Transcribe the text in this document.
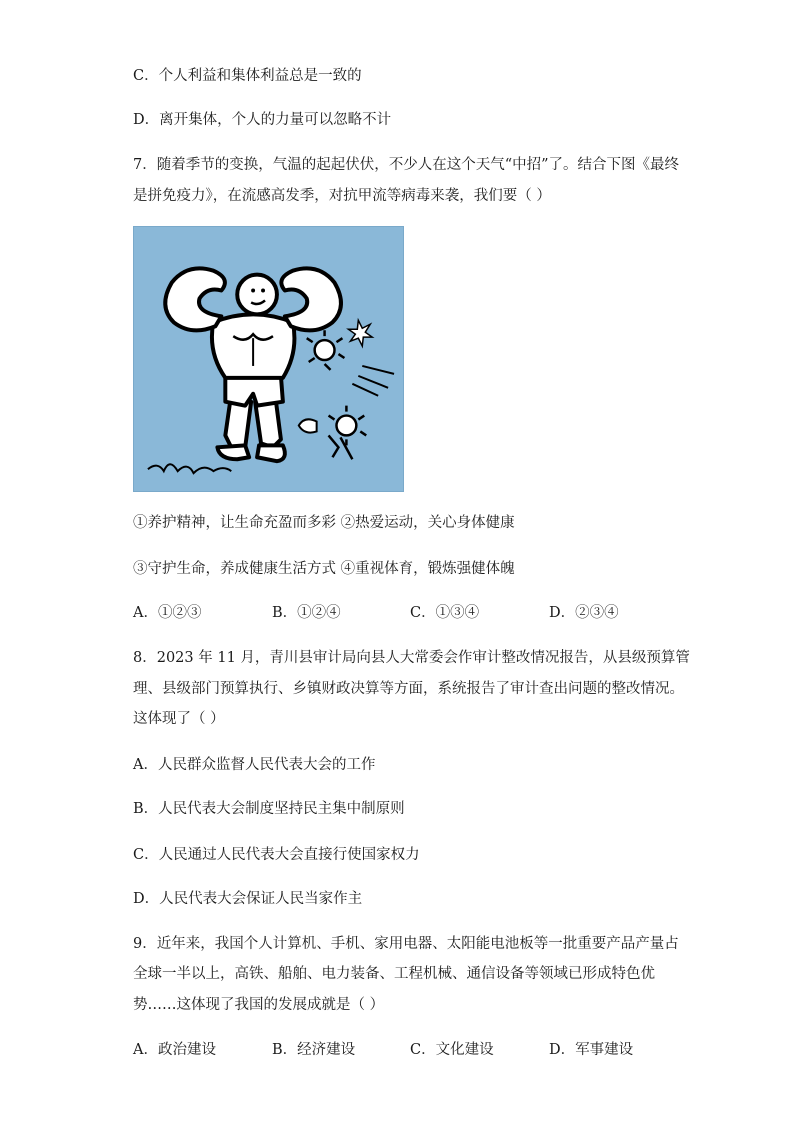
C．个人利益和集体利益总是一致的
D．离开集体，个人的力量可以忽略不计
7．随着季节的变换，气温的起起伏伏，不少人在这个天气“中招”了。结合下图《最终
是拼免疫力》，在流感高发季，对抗甲流等病毒来袭，我们要（ ）
①养护精神，让生命充盈而多彩 ②热爱运动，关心身体健康
③守护生命，养成健康生活方式 ④重视体育，锻炼强健体魄
A．①②③	B．①②④	C．①③④	D．②③④
8．2023 年 11 月，青川县审计局向县人大常委会作审计整改情况报告，从县级预算管
理、县级部门预算执行、乡镇财政决算等方面，系统报告了审计查出问题的整改情况。
这体现了（ ）
A．人民群众监督人民代表大会的工作
B．人民代表大会制度坚持民主集中制原则
C．人民通过人民代表大会直接行使国家权力
D．人民代表大会保证人民当家作主
9．近年来，我国个人计算机、手机、家用电器、太阳能电池板等一批重要产品产量占
全球一半以上，高铁、船舶、电力装备、工程机械、通信设备等领域已形成特色优
势……这体现了我国的发展成就是（ ）
A．政治建设	B．经济建设	C．文化建设	D．军事建设
